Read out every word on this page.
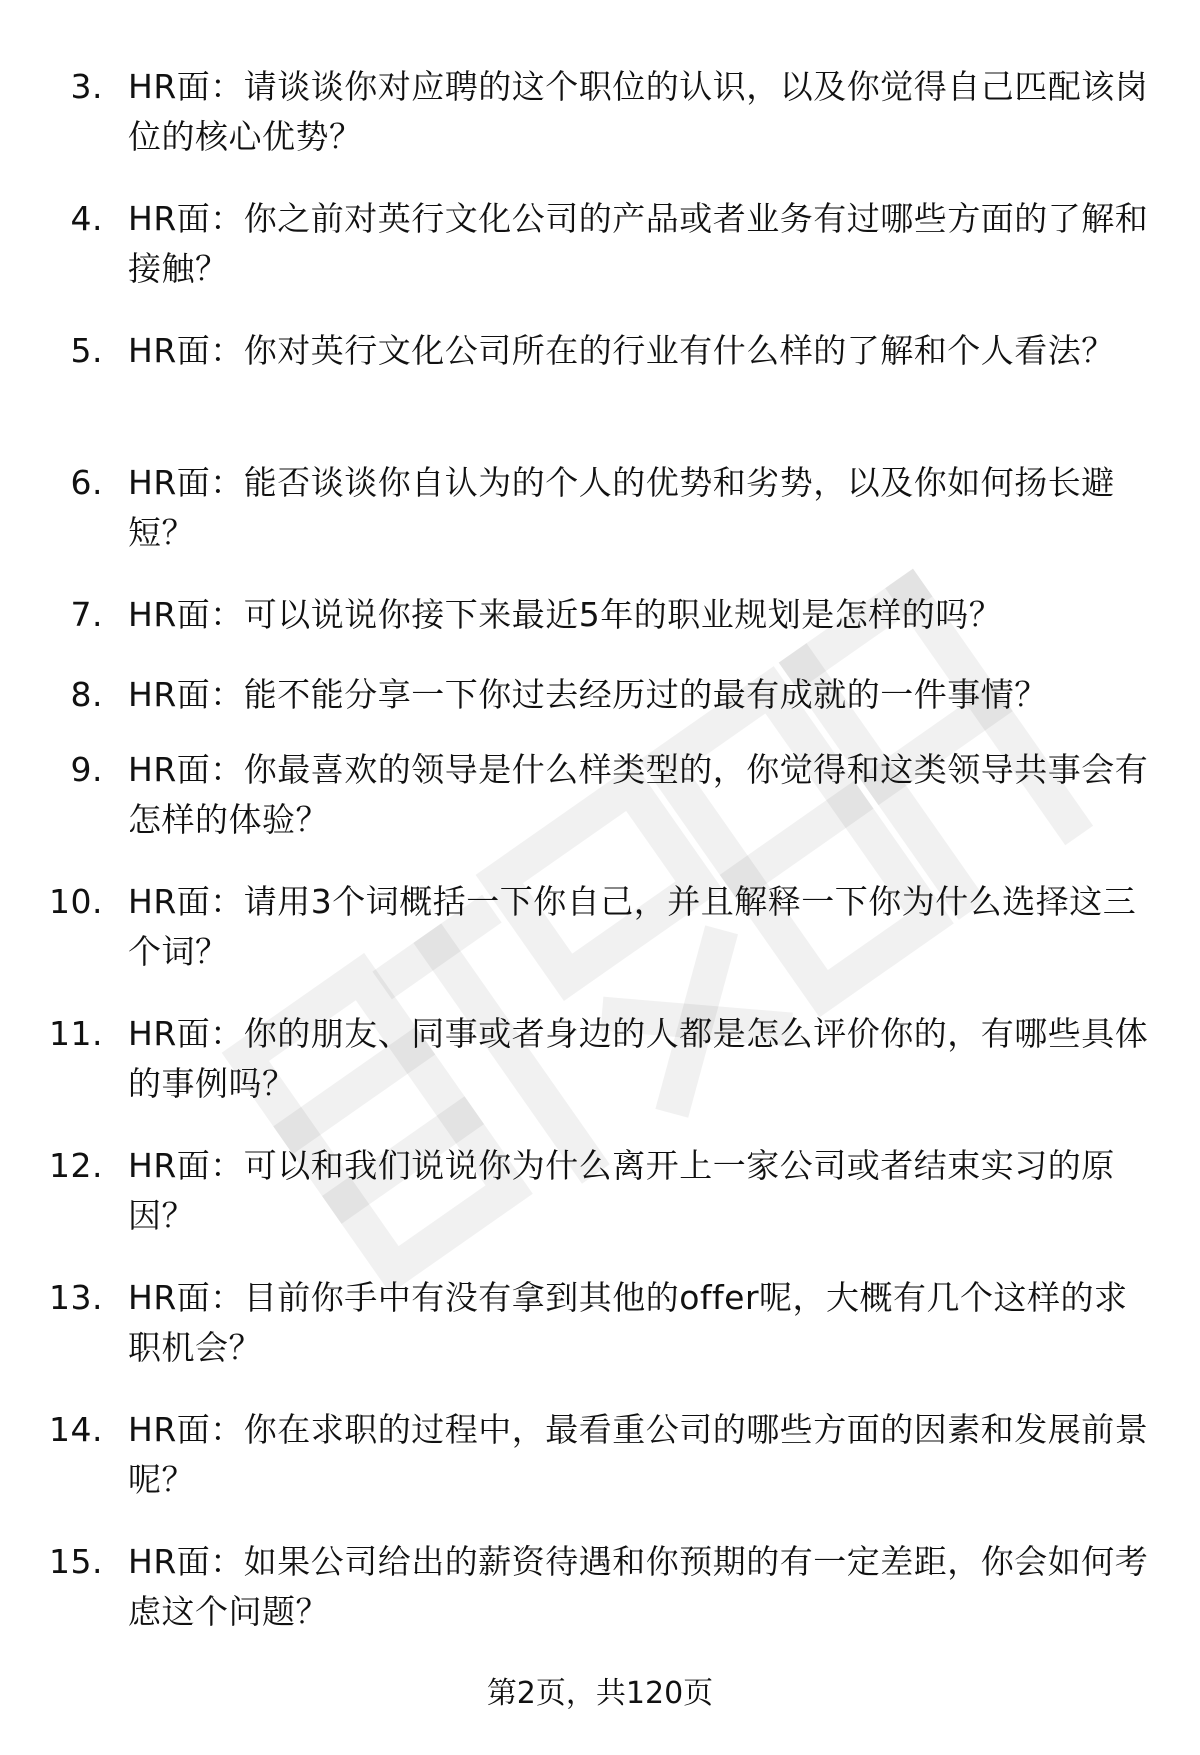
3. HR面：请谈谈你对应聘的这个职位的认识，以及你觉得自己匹配该岗位的核心优势？
4. HR面：你之前对英行文化公司的产品或者业务有过哪些方面的了解和接触？
5. HR面：你对英行文化公司所在的行业有什么样的了解和个人看法？
6. HR面：能否谈谈你自认为的个人的优势和劣势，以及你如何扬长避短？
7. HR面：可以说说你接下来最近5年的职业规划是怎样的吗？
8. HR面：能不能分享一下你过去经历过的最有成就的一件事情？
9. HR面：你最喜欢的领导是什么样类型的，你觉得和这类领导共事会有怎样的体验？
10. HR面：请用3个词概括一下你自己，并且解释一下你为什么选择这三个词？
11. HR面：你的朋友、同事或者身边的人都是怎么评价你的，有哪些具体的事例吗？
12. HR面：可以和我们说说你为什么离开上一家公司或者结束实习的原因？
13. HR面：目前你手中有没有拿到其他的offer呢，大概有几个这样的求职机会？
14. HR面：你在求职的过程中，最看重公司的哪些方面的因素和发展前景呢？
15. HR面：如果公司给出的薪资待遇和你预期的有一定差距，你会如何考虑这个问题？
第2页，共120页
